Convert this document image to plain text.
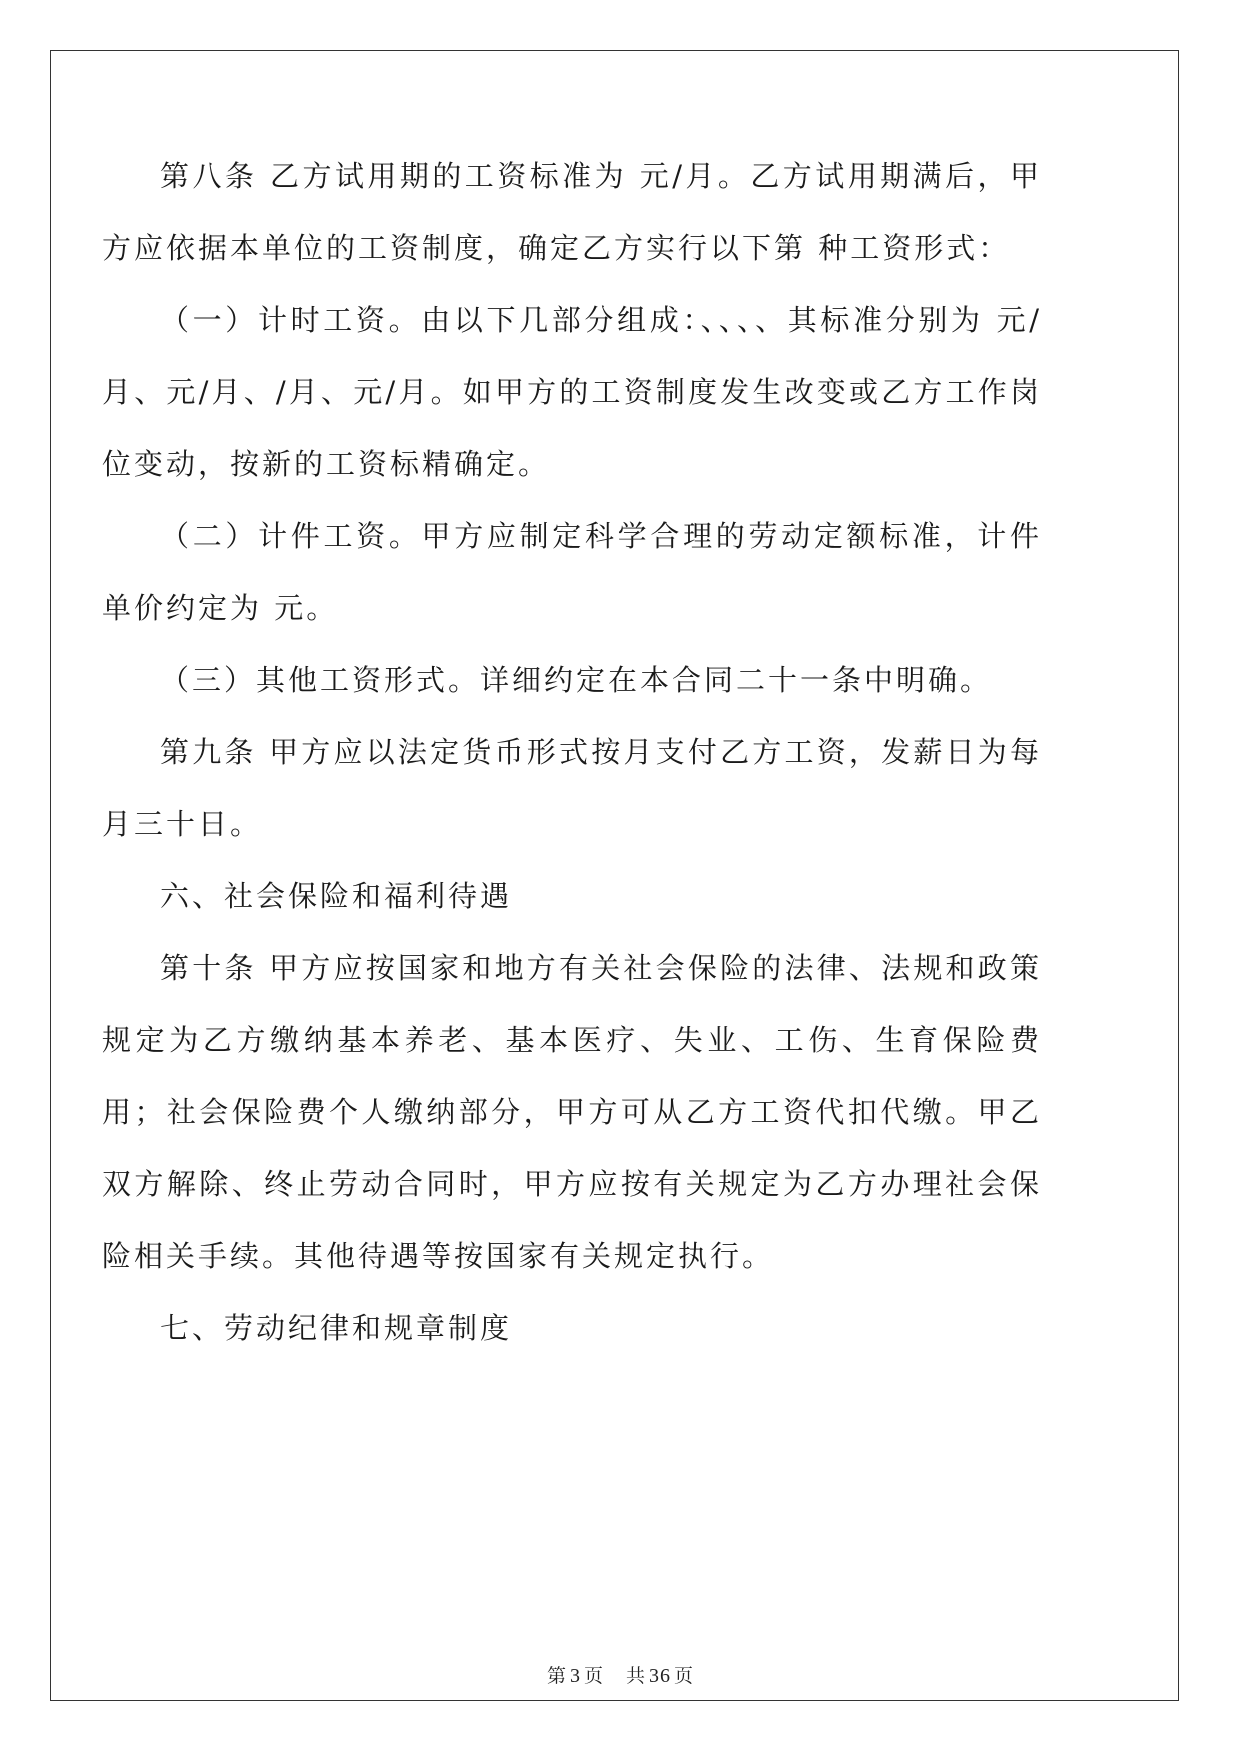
第八条 乙方试用期的工资标准为 元/月。乙方试用期满后，甲方应依据本单位的工资制度，确定乙方实行以下第 种工资形式：

（一）计时工资。由以下几部分组成：、、、、其标准分别为 元/月、元/月、/月、元/月。如甲方的工资制度发生改变或乙方工作岗位变动，按新的工资标精确定。

（二）计件工资。甲方应制定科学合理的劳动定额标准，计件单价约定为 元。

（三）其他工资形式。详细约定在本合同二十一条中明确。

第九条 甲方应以法定货币形式按月支付乙方工资，发薪日为每月三十日。

六、社会保险和福利待遇

第十条 甲方应按国家和地方有关社会保险的法律、法规和政策规定为乙方缴纳基本养老、基本医疗、失业、工伤、生育保险费用；社会保险费个人缴纳部分，甲方可从乙方工资代扣代缴。甲乙双方解除、终止劳动合同时，甲方应按有关规定为乙方办理社会保险相关手续。其他待遇等按国家有关规定执行。

七、劳动纪律和规章制度

第 3 页 共 36 页
